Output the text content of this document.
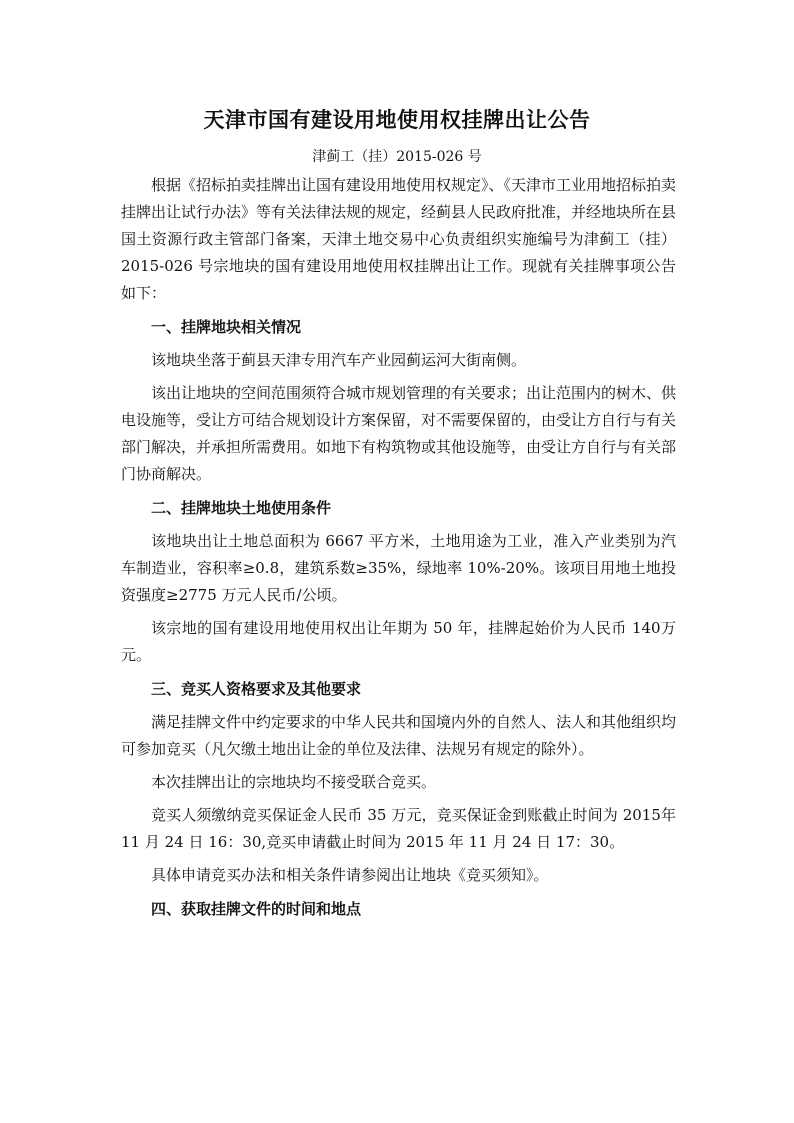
天津市国有建设用地使用权挂牌出让公告
津蓟工（挂）2015-026 号

根据《招标拍卖挂牌出让国有建设用地使用权规定》、《天津市工业用地招标拍卖挂牌出让试行办法》等有关法律法规的规定，经蓟县人民政府批准，并经地块所在县国土资源行政主管部门备案，天津土地交易中心负责组织实施编号为津蓟工（挂）2015-026 号宗地块的国有建设用地使用权挂牌出让工作。现就有关挂牌事项公告如下：

一、挂牌地块相关情况

该地块坐落于蓟县天津专用汽车产业园蓟运河大街南侧。

该出让地块的空间范围须符合城市规划管理的有关要求；出让范围内的树木、供电设施等，受让方可结合规划设计方案保留，对不需要保留的，由受让方自行与有关部门解决，并承担所需费用。如地下有构筑物或其他设施等，由受让方自行与有关部门协商解决。

二、挂牌地块土地使用条件

该地块出让土地总面积为 6667 平方米，土地用途为工业，准入产业类别为汽车制造业，容积率≥0.8，建筑系数≥35%，绿地率 10%-20%。该项目用地土地投资强度≥2775 万元人民币/公顷。

该宗地的国有建设用地使用权出让年期为 50 年，挂牌起始价为人民币 140万元。

三、竞买人资格要求及其他要求

满足挂牌文件中约定要求的中华人民共和国境内外的自然人、法人和其他组织均可参加竞买（凡欠缴土地出让金的单位及法律、法规另有规定的除外）。

本次挂牌出让的宗地块均不接受联合竞买。

竞买人须缴纳竞买保证金人民币 35 万元，竞买保证金到账截止时间为 2015年 11 月 24 日 16：30,竞买申请截止时间为 2015 年 11 月 24 日 17：30。

具体申请竞买办法和相关条件请参阅出让地块《竞买须知》。

四、获取挂牌文件的时间和地点
